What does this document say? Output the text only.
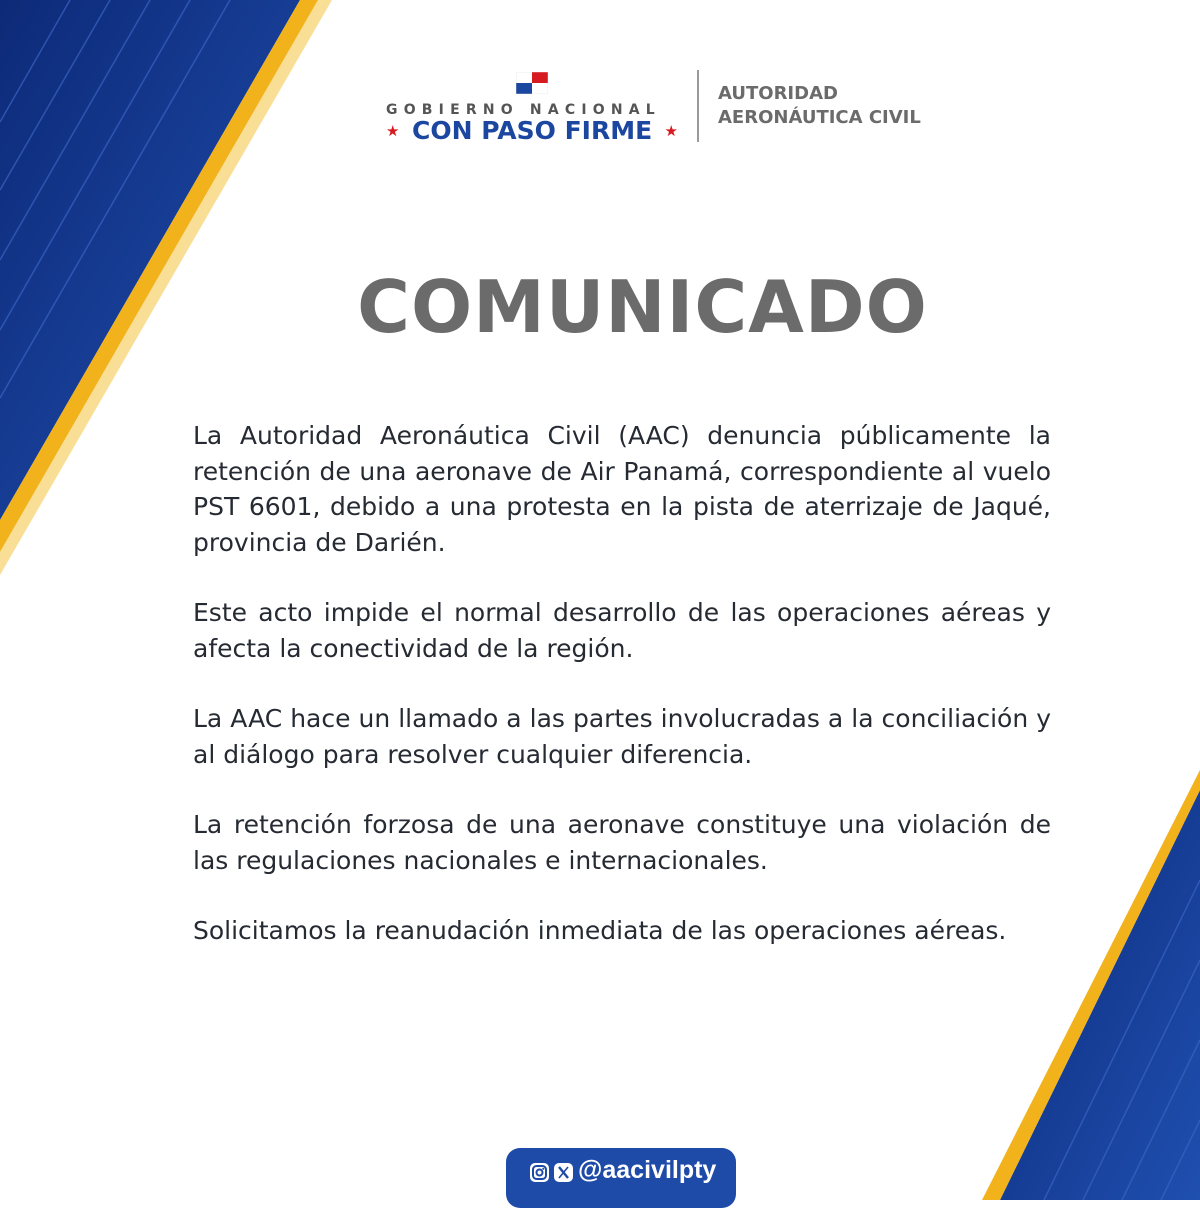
GOBIERNO NACIONAL
★ CON PASO FIRME ★
AUTORIDAD
AERONÁUTICA CIVIL
COMUNICADO

La Autoridad Aeronáutica Civil (AAC) denuncia públicamente la retención de una aeronave de Air Panamá, correspondiente al vuelo PST 6601, debido a una protesta en la pista de aterrizaje de Jaqué, provincia de Darién.

Este acto impide el normal desarrollo de las operaciones aéreas y afecta la conectividad de la región.

La AAC hace un llamado a las partes involucradas a la conciliación y al diálogo para resolver cualquier diferencia.

La retención forzosa de una aeronave constituye una violación de las regulaciones nacionales e internacionales.

Solicitamos la reanudación inmediata de las operaciones aéreas.

@aacivilpty
